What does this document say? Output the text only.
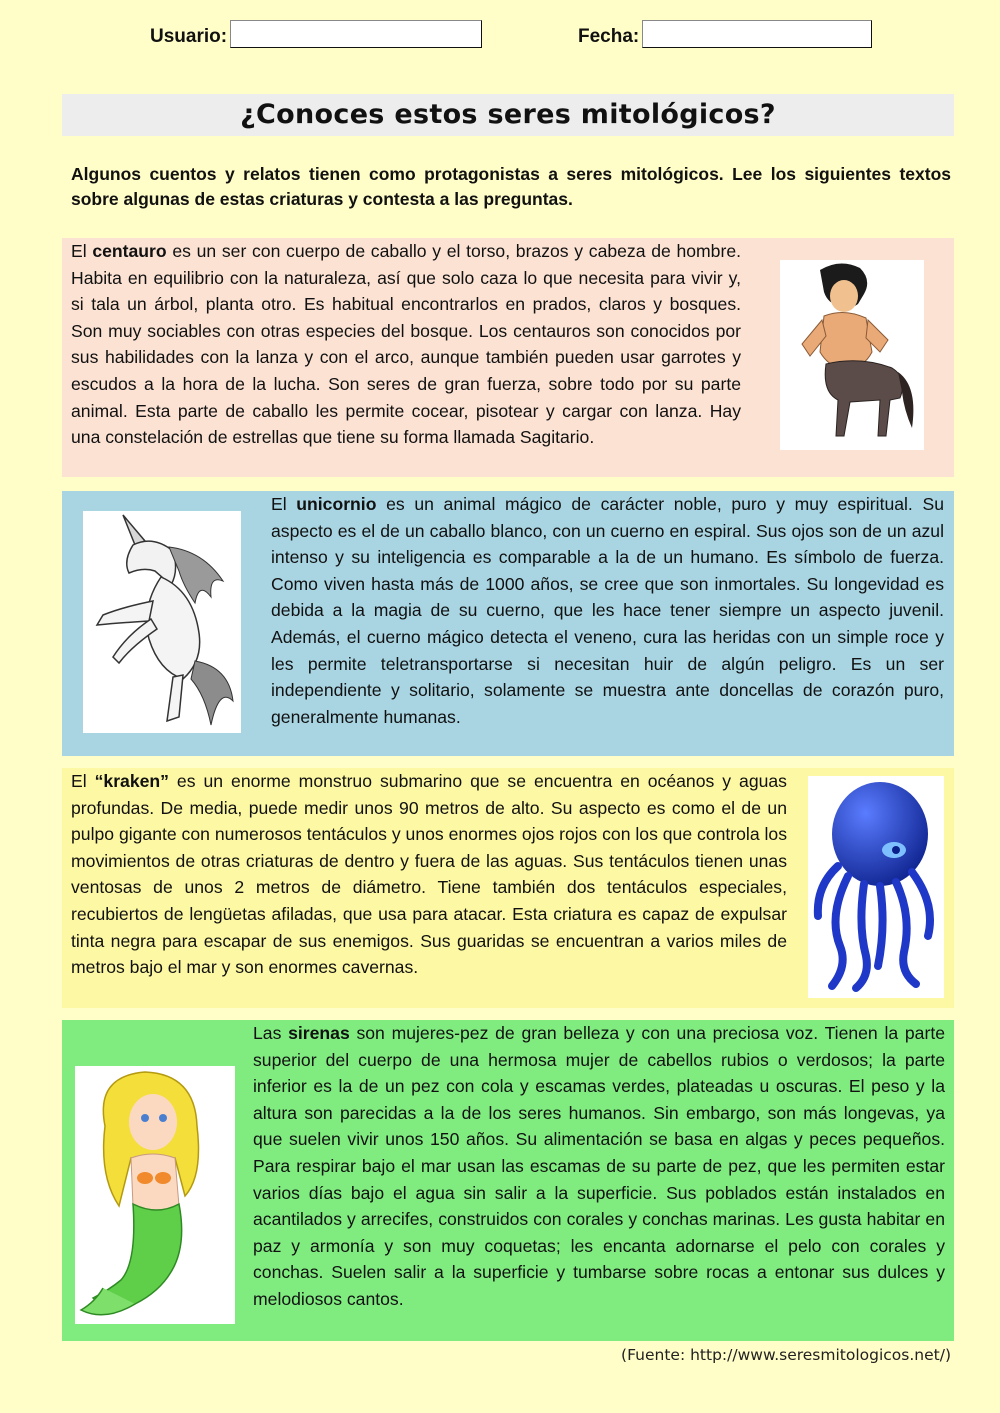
Usuario:	Fecha:
¿Conoces estos seres mitológicos?
Algunos cuentos y relatos tienen como protagonistas a seres mitológicos. Lee los siguientes textos sobre algunas de estas criaturas y contesta a las preguntas.

El centauro es un ser con cuerpo de caballo y el torso, brazos y cabeza de hombre. Habita en equilibrio con la naturaleza, así que solo caza lo que necesita para vivir y, si tala un árbol, planta otro. Es habitual encontrarlos en prados, claros y bosques. Son muy sociables con otras especies del bosque. Los centauros son conocidos por sus habilidades con la lanza y con el arco, aunque también pueden usar garrotes y escudos a la hora de la lucha. Son seres de gran fuerza, sobre todo por su parte animal. Esta parte de caballo les permite cocear, pisotear y cargar con lanza. Hay una constelación de estrellas que tiene su forma llamada Sagitario.

El unicornio es un animal mágico de carácter noble, puro y muy espiritual. Su aspecto es el de un caballo blanco, con un cuerno en espiral. Sus ojos son de un azul intenso y su inteligencia es comparable a la de un humano. Es símbolo de fuerza. Como viven hasta más de 1000 años, se cree que son inmortales. Su longevidad es debida a la magia de su cuerno, que les hace tener siempre un aspecto juvenil. Además, el cuerno mágico detecta el veneno, cura las heridas con un simple roce y les permite teletransportarse si necesitan huir de algún peligro. Es un ser independiente y solitario, solamente se muestra ante doncellas de corazón puro, generalmente humanas.

El “kraken” es un enorme monstruo submarino que se encuentra en océanos y aguas profundas. De media, puede medir unos 90 metros de alto. Su aspecto es como el de un pulpo gigante con numerosos tentáculos y unos enormes ojos rojos con los que controla los movimientos de otras criaturas de dentro y fuera de las aguas. Sus tentáculos tienen unas ventosas de unos 2 metros de diámetro. Tiene también dos tentáculos especiales, recubiertos de lengüetas afiladas, que usa para atacar. Esta criatura es capaz de expulsar tinta negra para escapar de sus enemigos. Sus guaridas se encuentran a varios miles de metros bajo el mar y son enormes cavernas.

Las sirenas son mujeres-pez de gran belleza y con una preciosa voz. Tienen la parte superior del cuerpo de una hermosa mujer de cabellos rubios o verdosos; la parte inferior es la de un pez con cola y escamas verdes, plateadas u oscuras. El peso y la altura son parecidas a la de los seres humanos. Sin embargo, son más longevas, ya que suelen vivir unos 150 años. Su alimentación se basa en algas y peces pequeños. Para respirar bajo el mar usan las escamas de su parte de pez, que les permiten estar varios días bajo el agua sin salir a la superficie. Sus poblados están instalados en acantilados y arrecifes, construidos con corales y conchas marinas. Les gusta habitar en paz y armonía y son muy coquetas; les encanta adornarse el pelo con corales y conchas. Suelen salir a la superficie y tumbarse sobre rocas a entonar sus dulces y melodiosos cantos.

(Fuente: http://www.seresmitologicos.net/)
